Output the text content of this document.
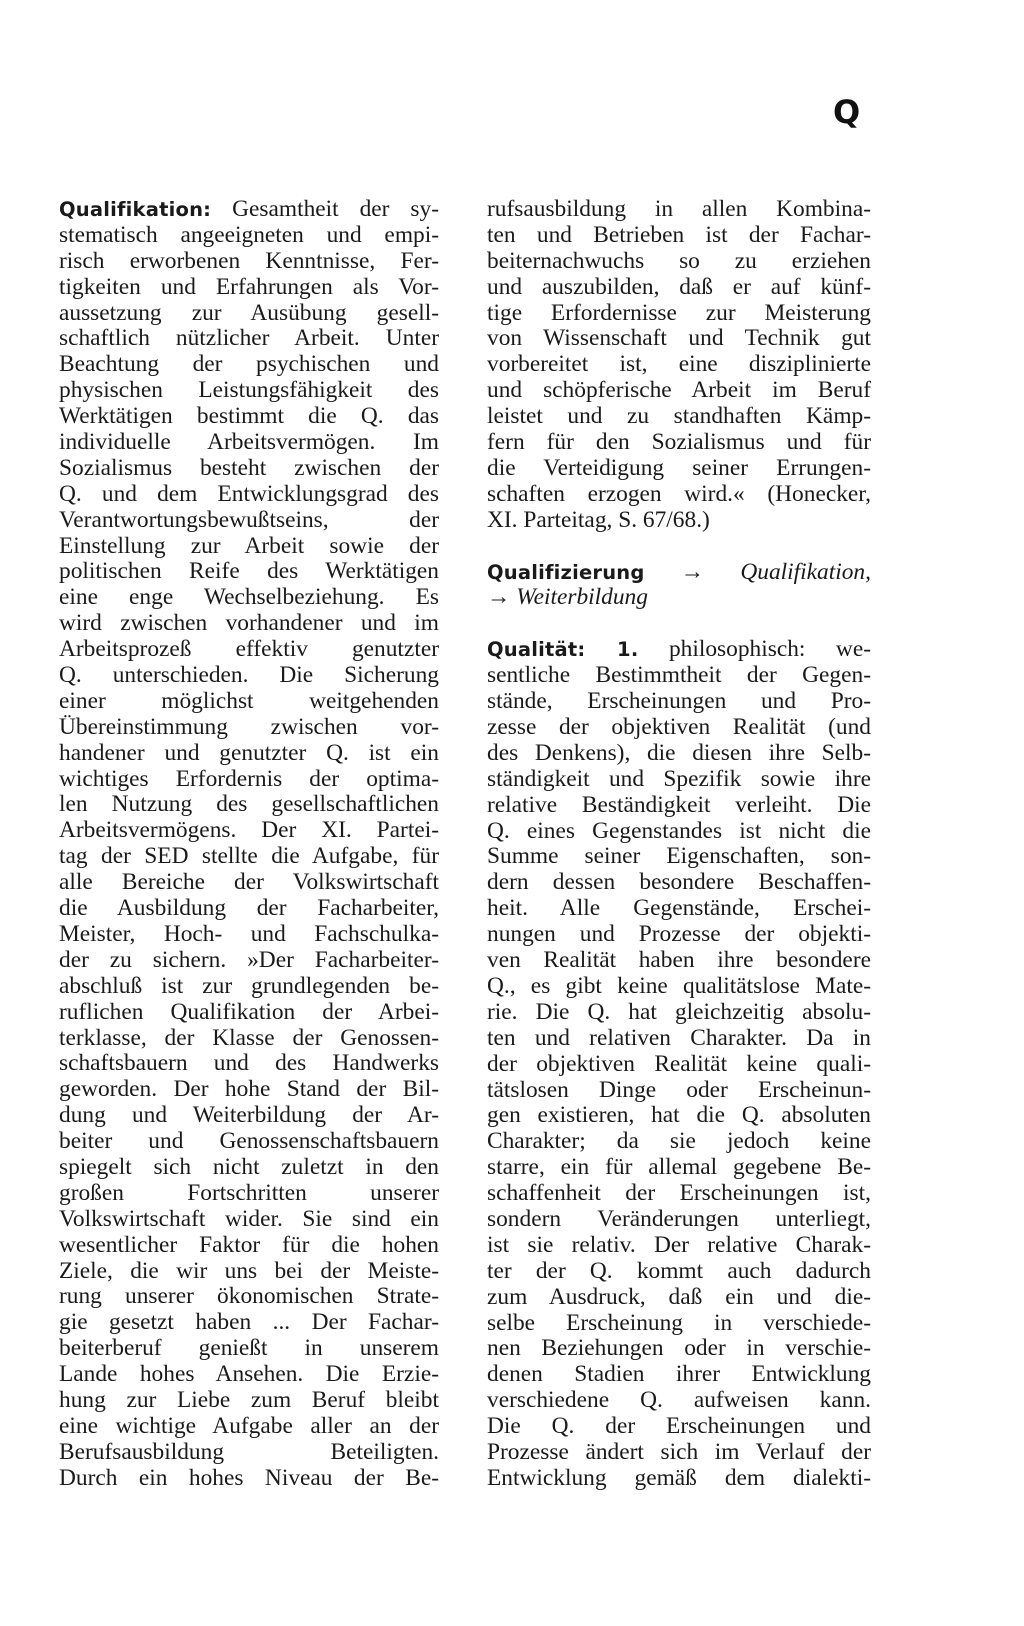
Q
Qualifikation: Gesamtheit der sy-
stematisch angeeigneten und empi-
risch erworbenen Kenntnisse, Fer-
tigkeiten und Erfahrungen als Vor-
aussetzung zur Ausübung gesell-
schaftlich nützlicher Arbeit. Unter
Beachtung der psychischen und
physischen Leistungsfähigkeit des
Werktätigen bestimmt die Q. das
individuelle Arbeitsvermögen. Im
Sozialismus besteht zwischen der
Q. und dem Entwicklungsgrad des
Verantwortungsbewußtseins, der
Einstellung zur Arbeit sowie der
politischen Reife des Werktätigen
eine enge Wechselbeziehung. Es
wird zwischen vorhandener und im
Arbeitsprozeß effektiv genutzter
Q. unterschieden. Die Sicherung
einer möglichst weitgehenden
Übereinstimmung zwischen vor-
handener und genutzter Q. ist ein
wichtiges Erfordernis der optima-
len Nutzung des gesellschaftlichen
Arbeitsvermögens. Der XI. Partei-
tag der SED stellte die Aufgabe, für
alle Bereiche der Volkswirtschaft
die Ausbildung der Facharbeiter,
Meister, Hoch- und Fachschulka-
der zu sichern. »Der Facharbeiter-
abschluß ist zur grundlegenden be-
ruflichen Qualifikation der Arbei-
terklasse, der Klasse der Genossen-
schaftsbauern und des Handwerks
geworden. Der hohe Stand der Bil-
dung und Weiterbildung der Ar-
beiter und Genossenschaftsbauern
spiegelt sich nicht zuletzt in den
großen Fortschritten unserer
Volkswirtschaft wider. Sie sind ein
wesentlicher Faktor für die hohen
Ziele, die wir uns bei der Meiste-
rung unserer ökonomischen Strate-
gie gesetzt haben ... Der Fachar-
beiterberuf genießt in unserem
Lande hohes Ansehen. Die Erzie-
hung zur Liebe zum Beruf bleibt
eine wichtige Aufgabe aller an der
Berufsausbildung Beteiligten.
Durch ein hohes Niveau der Be-
rufsausbildung in allen Kombina-
ten und Betrieben ist der Fachar-
beiternachwuchs so zu erziehen
und auszubilden, daß er auf künf-
tige Erfordernisse zur Meisterung
von Wissenschaft und Technik gut
vorbereitet ist, eine disziplinierte
und schöpferische Arbeit im Beruf
leistet und zu standhaften Kämp-
fern für den Sozialismus und für
die Verteidigung seiner Errungen-
schaften erzogen wird.« (Honecker,
XI. Parteitag, S. 67/68.)
Qualifizierung → Qualifikation,
→ Weiterbildung
Qualität: 1. philosophisch: we-
sentliche Bestimmtheit der Gegen-
stände, Erscheinungen und Pro-
zesse der objektiven Realität (und
des Denkens), die diesen ihre Selb-
ständigkeit und Spezifik sowie ihre
relative Beständigkeit verleiht. Die
Q. eines Gegenstandes ist nicht die
Summe seiner Eigenschaften, son-
dern dessen besondere Beschaffen-
heit. Alle Gegenstände, Erschei-
nungen und Prozesse der objekti-
ven Realität haben ihre besondere
Q., es gibt keine qualitätslose Mate-
rie. Die Q. hat gleichzeitig absolu-
ten und relativen Charakter. Da in
der objektiven Realität keine quali-
tätslosen Dinge oder Erscheinun-
gen existieren, hat die Q. absoluten
Charakter; da sie jedoch keine
starre, ein für allemal gegebene Be-
schaffenheit der Erscheinungen ist,
sondern Veränderungen unterliegt,
ist sie relativ. Der relative Charak-
ter der Q. kommt auch dadurch
zum Ausdruck, daß ein und die-
selbe Erscheinung in verschiede-
nen Beziehungen oder in verschie-
denen Stadien ihrer Entwicklung
verschiedene Q. aufweisen kann.
Die Q. der Erscheinungen und
Prozesse ändert sich im Verlauf der
Entwicklung gemäß dem dialekti-
